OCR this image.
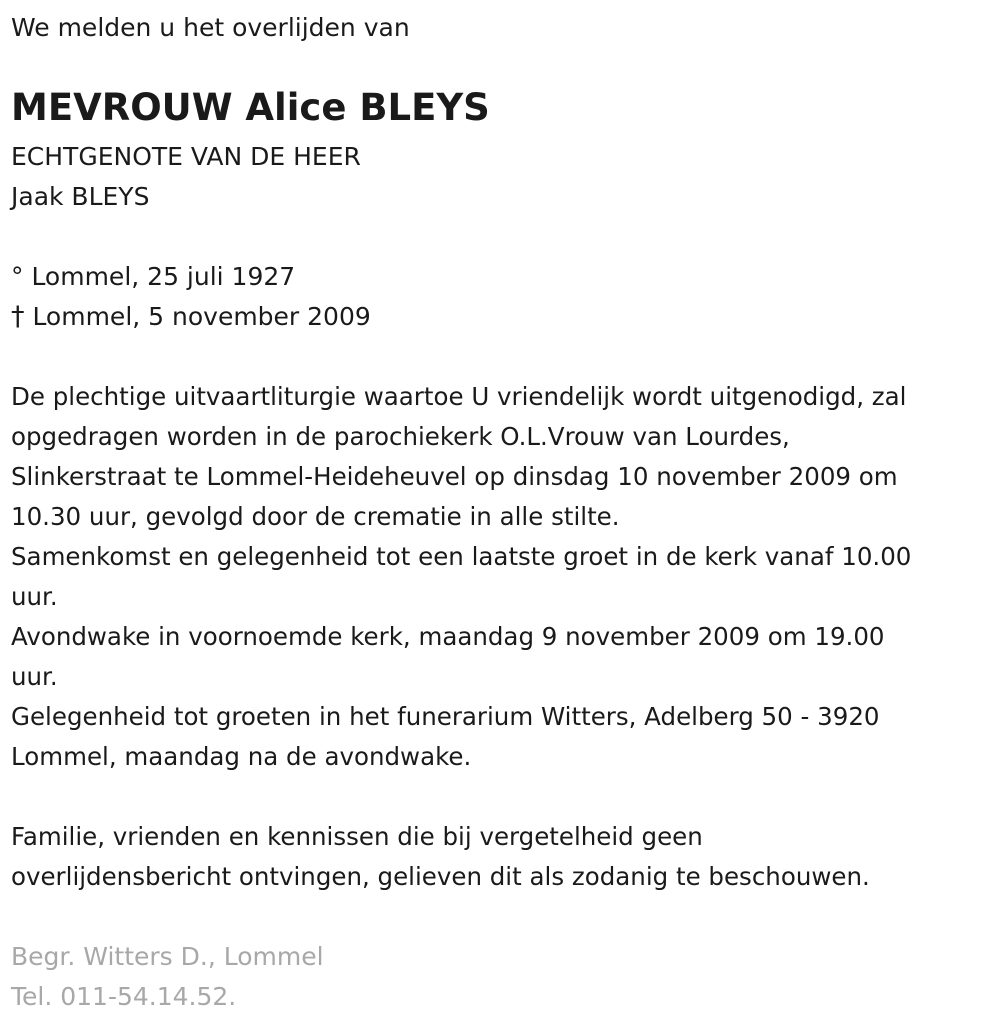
We melden u het overlijden van
MEVROUW Alice BLEYS
ECHTGENOTE VAN DE HEER
Jaak BLEYS
° Lommel, 25 juli 1927
† Lommel, 5 november 2009
De plechtige uitvaartliturgie waartoe U vriendelijk wordt uitgenodigd, zal
opgedragen worden in de parochiekerk O.L.Vrouw van Lourdes,
Slinkerstraat te Lommel-Heideheuvel op dinsdag 10 november 2009 om
10.30 uur, gevolgd door de crematie in alle stilte.
Samenkomst en gelegenheid tot een laatste groet in de kerk vanaf 10.00
uur.
Avondwake in voornoemde kerk, maandag 9 november 2009 om 19.00
uur.
Gelegenheid tot groeten in het funerarium Witters, Adelberg 50 - 3920
Lommel, maandag na de avondwake.
Familie, vrienden en kennissen die bij vergetelheid geen
overlijdensbericht ontvingen, gelieven dit als zodanig te beschouwen.
Begr. Witters D., Lommel
Tel. 011-54.14.52.
